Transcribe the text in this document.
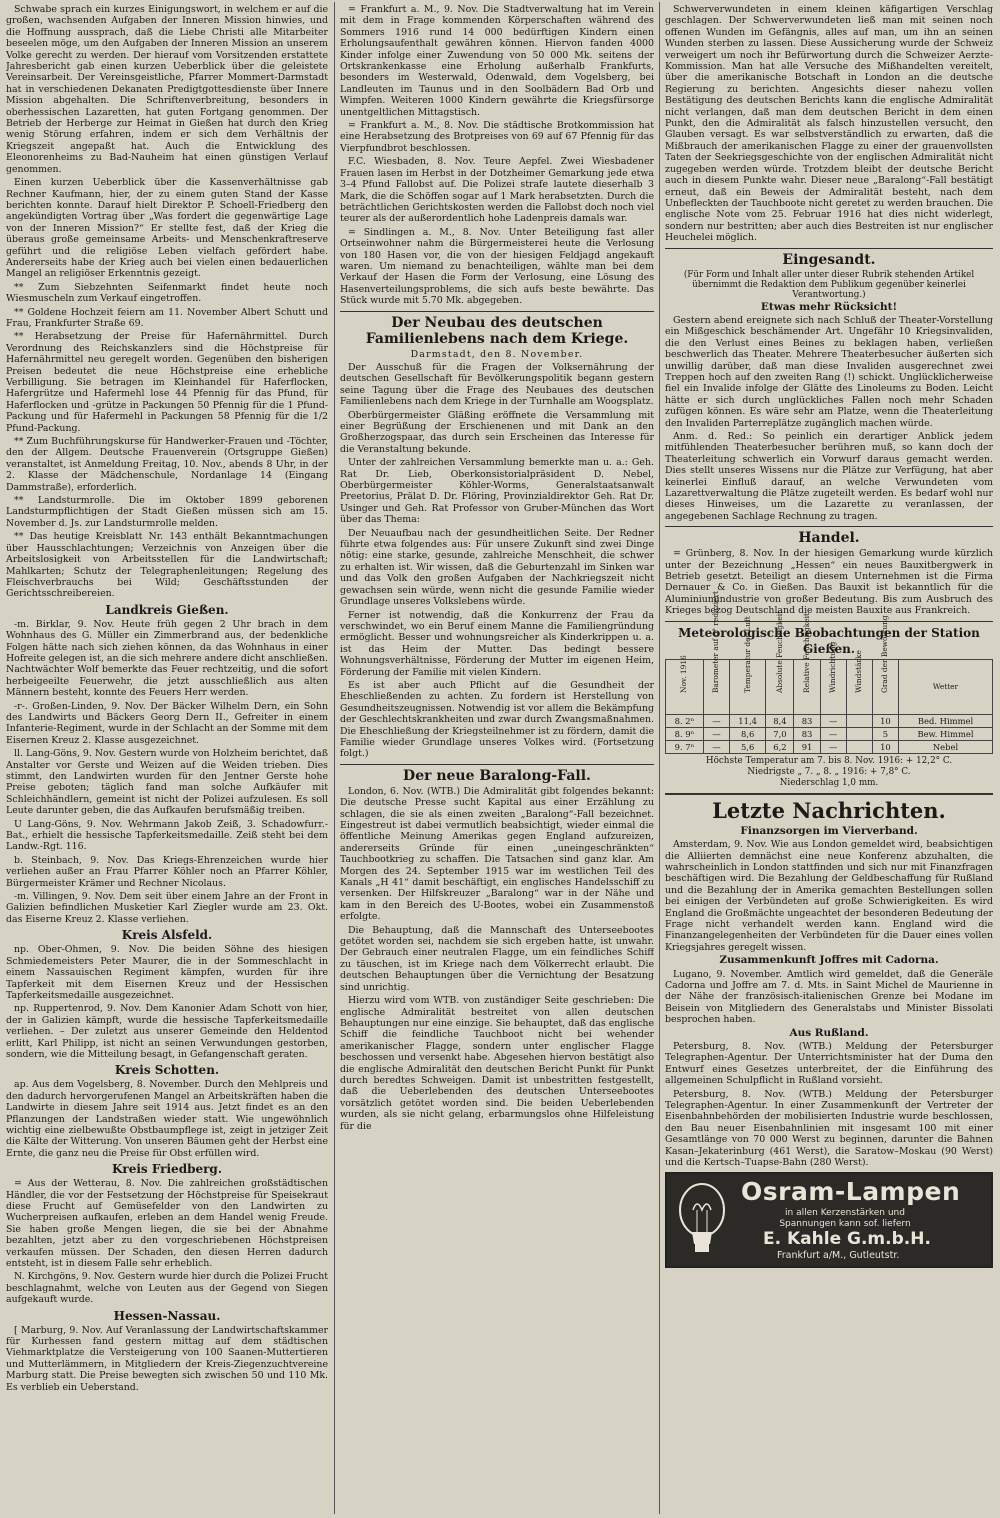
Schwabe sprach ein kurzes Einigungswort, in welchem er auf die großen, wachsenden Aufgaben der Inneren Mission hinwies, und die Hoffnung aussprach, daß die Liebe Christi alle Mitarbeiter beseelen möge, um den Aufgaben der Inneren Mission an unserem Volke gerecht zu werden. Der hierauf vom Vorsitzenden erstattete Jahresbericht gab einen kurzen Ueberblick über die geleistete Vereinsarbeit. Der Vereinsgeistliche, Pfarrer Mommert-Darmstadt hat in verschiedenen Dekanaten Predigtgottesdienste über Innere Mission abgehalten. Die Schriftenverbreitung, besonders in oberhessischen Lazaretten, hat guten Fortgang genommen. Der Betrieb der Herberge zur Heimat in Gießen hat durch den Krieg wenig Störung erfahren, indem er sich dem Verhältnis der Kriegszeit angepaßt hat. Auch die Entwicklung des Eleonorenheims zu Bad-Nauheim hat einen günstigen Verlauf genommen.

Einen kurzen Ueberblick über die Kassenverhältnisse gab Rechner Kaufmann, hier, der zu einem guten Stand der Kasse berichten konnte. Darauf hielt Direktor P. Schoell-Friedberg den angekündigten Vortrag über „Was fordert die gegenwärtige Lage von der Inneren Mission?“ Er stellte fest, daß der Krieg die überaus große gemeinsame Arbeits- und Menschenkraftreserve geführt und die religiöse Leben vielfach gefördert habe. Andererseits habe der Krieg auch bei vielen einen bedauerlichen Mangel an religiöser Erkenntnis gezeigt.

** Zum Siebzehnten Seifenmarkt findet heute noch Wiesmuscheln zum Verkauf eingetroffen.

** Goldene Hochzeit feiern am 11. November Albert Schutt und Frau, Frankfurter Straße 69.

** Herabsetzung der Preise für Hafernährmittel. Durch Verordnung des Reichskanzlers sind die Höchstpreise für Hafernährmittel neu geregelt worden. Gegenüben den bisherigen Preisen bedeutet die neue Höchstpreise eine erhebliche Verbilligung. Sie betragen im Kleinhandel für Haferflocken, Hafergrütze und Hafermehl lose 44 Pfennig für das Pfund, für Haferflocken und -grütze in Packungen 50 Pfennig für die 1 Pfund-Packung und für Hafermehl in Packungen 58 Pfennig für die 1/2 Pfund-Packung.

** Zum Buchführungskurse für Handwerker-Frauen und -Töchter, den der Allgem. Deutsche Frauenverein (Ortsgruppe Gießen) veranstaltet, ist Anmeldung Freitag, 10. Nov., abends 8 Uhr, in der 2. Klasse der Mädchenschule, Nordanlage 14 (Eingang Dammstraße), erforderlich.

** Landsturmrolle. Die im Oktober 1899 geborenen Landsturmpflichtigen der Stadt Gießen müssen sich am 15. November d. Js. zur Landsturmrolle melden.

** Das heutige Kreisblatt Nr. 143 enthält Bekanntmachungen über Hausschlachtungen; Verzeichnis von Anzeigen über die Arbeitslosigkeit von Arbeitsstellen für die Landwirtschaft; Mahlkarten; Schutz der Telegraphenleitungen; Regelung des Fleischverbrauchs bei Wild; Geschäftsstunden der Gerichtsschreibereien.

Landkreis Gießen.

-m. Birklar, 9. Nov. Heute früh gegen 2 Uhr brach in dem Wohnhaus des G. Müller ein Zimmerbrand aus, der bedenkliche Folgen hätte nach sich ziehen können, da das Wohnhaus in einer Hofreite gelegen ist, an die sich mehrere andere dicht anschließen. Nachtwächter Wolf bemerkte das Feuer rechtzeitig, und die sofort herbeigeeilte Feuerwehr, die jetzt ausschließlich aus alten Männern besteht, konnte des Feuers Herr werden.

-r-. Großen-Linden, 9. Nov. Der Bäcker Wilhelm Dern, ein Sohn des Landwirts und Bäckers Georg Dern II., Gefreiter in einem Infanterie-Regiment, wurde in der Schlacht an der Somme mit dem Eisernen Kreuz 2. Klasse ausgezeichnet.

ll. Lang-Göns, 9. Nov. Gestern wurde von Holzheim berichtet, daß Anstalter vor Gerste und Weizen auf die Weiden trieben. Dies stimmt, den Landwirten wurden für den Jentner Gerste hohe Preise geboten; täglich fand man solche Aufkäufer mit Schleichhändlern, gemeint ist nicht der Polizei aufzulesen. Es soll Leute darunter geben, die das Aufkaufen berufsmäßig treiben.

U Lang-Göns, 9. Nov. Wehrmann Jakob Zeiß, 3. Schadowfurr.-Bat., erhielt die hessische Tapferkeitsmedaille. Zeiß steht bei dem Landw.-Rgt. 116.

b. Steinbach, 9. Nov. Das Kriegs-Ehrenzeichen wurde hier verliehen außer an Frau Pfarrer Köhler noch an Pfarrer Köhler, Bürgermeister Krämer und Rechner Nicolaus.

-m. Villingen, 9. Nov. Dem seit über einem Jahre an der Front in Galizien befindlichen Musketier Karl Ziegler wurde am 23. Okt. das Eiserne Kreuz 2. Klasse verliehen.

Kreis Alsfeld.

np. Ober-Ohmen, 9. Nov. Die beiden Söhne des hiesigen Schmiedemeisters Peter Maurer, die in der Sommeschlacht in einem Nassauischen Regiment kämpfen, wurden für ihre Tapferkeit mit dem Eisernen Kreuz und der Hessischen Tapferkeitsmedaille ausgezeichnet.

np. Ruppertenrod, 9. Nov. Dem Kanonier Adam Schott von hier, der in Galizien kämpft, wurde die hessische Tapferkeitsmedaille verliehen. – Der zuletzt aus unserer Gemeinde den Heldentod erlitt, Karl Philipp, ist nicht an seinen Verwundungen gestorben, sondern, wie die Mitteilung besagt, in Gefangenschaft geraten.

Kreis Schotten.

ap. Aus dem Vogelsberg, 8. November. Durch den Mehlpreis und den dadurch hervorgerufenen Mangel an Arbeitskräften haben die Landwirte in diesem Jahre seit 1914 aus. Jetzt findet es an den Pflanzungen der Landstraßen wieder statt. Wie ungewöhnlich wichtig eine zielbewußte Obstbaumpflege ist, zeigt in jetziger Zeit die Kälte der Witterung. Von unseren Bäumen geht der Herbst eine Ernte, die ganz neu die Preise für Obst erfüllen wird.

Kreis Friedberg.

= Aus der Wetterau, 8. Nov. Die zahlreichen großstädtischen Händler, die vor der Festsetzung der Höchstpreise für Speisekraut diese Frucht auf Gemüsefelder von den Landwirten zu Wucherpreisen aufkaufen, erleben an dem Handel wenig Freude. Sie haben große Mengen liegen, die sie bei der Abnahme bezahlten, jetzt aber zu den vorgeschriebenen Höchstpreisen verkaufen müssen. Der Schaden, den diesen Herren dadurch entsteht, ist in diesem Falle sehr erheblich.

N. Kirchgöns, 9. Nov. Gestern wurde hier durch die Polizei Frucht beschlagnahmt, welche von Leuten aus der Gegend von Siegen aufgekauft wurde.

Hessen-Nassau.

[ Marburg, 9. Nov. Auf Veranlassung der Landwirtschaftskammer für Kurhessen fand gestern mittag auf dem städtischen Viehmarktplatze die Versteigerung von 100 Saanen-Muttertieren und Mutterlämmern, in Mitgliedern der Kreis-Ziegenzuchtvereine Marburg statt. Die Preise bewegten sich zwischen 50 und 110 Mk. Es verblieb ein Ueberstand.

= Frankfurt a. M., 9. Nov. Die Stadtverwaltung hat im Verein mit dem in Frage kommenden Körperschaften während des Sommers 1916 rund 14 000 bedürftigen Kindern einen Erholungsaufenthalt gewähren können. Hiervon fanden 4000 Kinder infolge einer Zuwendung von 50 000 Mk. seitens der Ortskrankenkasse eine Erholung außerhalb Frankfurts, besonders im Westerwald, Odenwald, dem Vogelsberg, bei Landleuten im Taunus und in den Soolbädern Bad Orb und Wimpfen. Weiteren 1000 Kindern gewährte die Kriegsfürsorge unentgeltlichen Mittagstisch.

= Frankfurt a. M., 8. Nov. Die städtische Brotkommission hat eine Herabsetzung des Brotpreises von 69 auf 67 Pfennig für das Vierpfundbrot beschlossen.

F.C. Wiesbaden, 8. Nov. Teure Aepfel. Zwei Wiesbadener Frauen lasen im Herbst in der Dotzheimer Gemarkung jede etwa 3–4 Pfund Fallobst auf. Die Polizei strafe lautete dieserhalb 3 Mark, die die Schöffen sogar auf 1 Mark herabsetzten. Durch die beträchtlichen Gerichtskosten werden die Fallobst doch noch viel teurer als der außerordentlich hohe Ladenpreis damals war.

= Sindlingen a. M., 8. Nov. Unter Beteiligung fast aller Ortseinwohner nahm die Bürgermeisterei heute die Verlosung von 180 Hasen vor, die von der hiesigen Feldjagd angekauft waren. Um niemand zu benachteiligen, wählte man bei dem Verkauf der Hasen die Form der Verlosung, eine Lösung des Hasenverteilungsproblems, die sich aufs beste bewährte. Das Stück wurde mit 5.70 Mk. abgegeben.

Der Neubau des deutschen Familienlebens nach dem Kriege.
Darmstadt, den 8. November.

Der Ausschuß für die Fragen der Volksernährung der deutschen Gesellschaft für Bevölkerungspolitik begann gestern seine Tagung über die Frage des Neubaues des deutschen Familienlebens nach dem Kriege in der Turnhalle am Woogsplatz.

Oberbürgermeister Gläßing eröffnete die Versammlung mit einer Begrüßung der Erschienenen und mit Dank an den Großherzogspaar, das durch sein Erscheinen das Interesse für die Veranstaltung bekunde.

Unter der zahlreichen Versammlung bemerkte man u. a.: Geh. Rat Dr. Lieb, Oberkonsistorialpräsident D. Nebel, Oberbürgermeister Köhler-Worms, Generalstaatsanwalt Preetorius, Prälat D. Dr. Flöring, Provinzialdirektor Geh. Rat Dr. Usinger und Geh. Rat Professor von Gruber-München das Wort über das Thema:

Der Neuaufbau nach der gesundheitlichen Seite. Der Redner führte etwa folgendes aus: Für unsere Zukunft sind zwei Dinge nötig: eine starke, gesunde, zahlreiche Menschheit, die schwer zu erhalten ist. Wir wissen, daß die Geburtenzahl im Sinken war und das Volk den großen Aufgaben der Nachkriegszeit nicht gewachsen sein würde, wenn nicht die gesunde Familie wieder Grundlage unseres Volkslebens würde.

Ferner ist notwendig, daß die Konkurrenz der Frau da verschwindet, wo ein Beruf einem Manne die Familiengründung ermöglicht. Besser und wohnungsreicher als Kinderkrippen u. a. ist das Heim der Mutter. Das bedingt bessere Wohnungsverhältnisse, Förderung der Mutter im eigenen Heim, Förderung der Familie mit vielen Kindern.

Es ist aber auch Pflicht auf die Gesundheit der Eheschließenden zu achten. Zu fordern ist Herstellung von Gesundheitszeugnissen. Notwendig ist vor allem die Bekämpfung der Geschlechtskrankheiten und zwar durch Zwangsmaßnahmen. Die Eheschließung der Kriegsteilnehmer ist zu fördern, damit die Familie wieder Grundlage unseres Volkes wird. (Fortsetzung folgt.)

Der neue Baralong-Fall.

London, 6. Nov. (WTB.) Die Admiralität gibt folgendes bekannt: Die deutsche Presse sucht Kapital aus einer Erzählung zu schlagen, die sie als einen zweiten „Baralong“-Fall bezeichnet. Eingestreut ist dabei vermutlich beabsichtigt, wieder einmal die öffentliche Meinung Amerikas gegen England aufzureizen, andererseits Gründe für einen „uneingeschränkten“ Tauchbootkrieg zu schaffen. Die Tatsachen sind ganz klar. Am Morgen des 24. September 1915 war im westlichen Teil des Kanals „H 41“ damit beschäftigt, ein englisches Handelsschiff zu versenken. Der Hilfskreuzer „Baralong“ war in der Nähe und kam in den Bereich des U-Bootes, wobei ein Zusammenstoß erfolgte.

Die Behauptung, daß die Mannschaft des Unterseebootes getötet worden sei, nachdem sie sich ergeben hatte, ist unwahr. Der Gebrauch einer neutralen Flagge, um ein feindliches Schiff zu täuschen, ist im Kriege nach dem Völkerrecht erlaubt. Die deutschen Behauptungen über die Vernichtung der Besatzung sind unrichtig.

Hierzu wird vom WTB. von zuständiger Seite geschrieben: Die englische Admiralität bestreitet von allen deutschen Behauptungen nur eine einzige. Sie behauptet, daß das englische Schiff die feindliche Tauchboot nicht bei wehender amerikanischer Flagge, sondern unter englischer Flagge beschossen und versenkt habe. Abgesehen hiervon bestätigt also die englische Admiralität den deutschen Bericht Punkt für Punkt durch beredtes Schweigen. Damit ist unbestritten festgestellt, daß die Ueberlebenden des deutschen Unterseebootes vorsätzlich getötet worden sind. Die beiden Ueberlebenden wurden, als sie nicht gelang, erbarmungslos ohne Hilfeleistung für die

Schwerverwundeten in einem kleinen käfigartigen Verschlag geschlagen. Der Schwerverwundeten ließ man mit seinen noch offenen Wunden im Gefängnis, alles auf man, um ihn an seinen Wunden sterben zu lassen. Diese Aussicherung wurde der Schweiz verweigert um noch ihr Befürwortung durch die Schweizer Aerzte-Kommission. Man hat alle Versuche des Mißhandelten vereitelt, über die amerikanische Botschaft in London an die deutsche Regierung zu berichten. Angesichts dieser nahezu vollen Bestätigung des deutschen Berichts kann die englische Admiralität nicht verlangen, daß man dem deutschen Bericht in dem einen Punkt, den die Admiralität als falsch hinzustellen versucht, den Glauben versagt. Es war selbstverständlich zu erwarten, daß die Mißbrauch der amerikanischen Flagge zu einer der grauenvollsten Taten der Seekriegsgeschichte von der englischen Admiralität nicht zugegeben werden würde. Trotzdem bleibt der deutsche Bericht auch in diesem Punkte wahr. Dieser neue „Baralong“-Fall bestätigt erneut, daß ein Beweis der Admiralität besteht, nach dem Unbefleckten der Tauchboote nicht geretet zu werden brauchen. Die englische Note vom 25. Februar 1916 hat dies nicht widerlegt, sondern nur bestritten; aber auch dies Bestreiten ist nur englischer Heuchelei möglich.

Eingesandt.
(Für Form und Inhalt aller unter dieser Rubrik stehenden Artikel übernimmt die Redaktion dem Publikum gegenüber keinerlei Verantwortung.)
Etwas mehr Rücksicht!

Gestern abend ereignete sich nach Schluß der Theater-Vorstellung ein Mißgeschick beschämender Art. Ungefähr 10 Kriegsinvaliden, die den Verlust eines Beines zu beklagen haben, verließen beschwerlich das Theater. Mehrere Theaterbesucher äußerten sich unwillig darüber, daß man diese Invaliden ausgerechnet zwei Treppen hoch auf den zweiten Rang (!) schickt. Unglücklicherweise fiel ein Invalide infolge der Glätte des Linoleums zu Boden. Leicht hätte er sich durch unglückliches Fallen noch mehr Schaden zufügen können. Es wäre sehr am Platze, wenn die Theaterleitung den Invaliden Parterreplätze zugänglich machen würde.

Anm. d. Red.: So peinlich ein derartiger Anblick jedem mitfühlenden Theaterbesucher berühren muß, so kann doch der Theaterleitung schwerlich ein Vorwurf daraus gemacht werden. Dies stellt unseres Wissens nur die Plätze zur Verfügung, hat aber keinerlei Einfluß darauf, an welche Verwundeten vom Lazarettverwaltung die Plätze zugeteilt werden. Es bedarf wohl nur dieses Hinweises, um die Lazarette zu veranlassen, der angegebenen Sachlage Rechnung zu tragen.

Handel.

= Grünberg, 8. Nov. In der hiesigen Gemarkung wurde kürzlich unter der Bezeichnung „Hessen“ ein neues Bauxitbergwerk in Betrieb gesetzt. Beteiligt an diesem Unternehmen ist die Firma Dernauer & Co. in Gießen. Das Bauxit ist bekanntlich für die Aluminiumindustrie von großer Bedeutung. Bis zum Ausbruch des Krieges bezog Deutschland die meisten Bauxite aus Frankreich.

Meteorologische Beobachtungen der Station Gießen.
Nov. 1916	Barometer auf 0° reduziert	Temperatur der Luft	Absolute Feuchtigkeit	Relative Feuchtigkeit	Windrichtung	Windstärke	Grad der Bewölkung	Wetter
8. 2ⁿ	—	11,4	8,4	83	—		10	Bed. Himmel
8. 9ⁿ	—	8,6	7,0	83	—		5	Bew. Himmel
9. 7ⁿ	—	5,6	6,2	91	—		10	Nebel
Höchste Temperatur am 7. bis 8. Nov. 1916: + 12,2° C.
Niedrigste „ 7. „ 8. „ 1916: + 7,8° C.
Niederschlag 1,0 mm.
Letzte Nachrichten.
Finanzsorgen im Vierverband.

Amsterdam, 9. Nov. Wie aus London gemeldet wird, beabsichtigen die Alliierten demnächst eine neue Konferenz abzuhalten, die wahrscheinlich in London stattfinden und sich nur mit Finanzfragen beschäftigen wird. Die Bezahlung der Geldbeschaffung für Rußland und die Bezahlung der in Amerika gemachten Bestellungen sollen bei einigen der Verbündeten auf große Schwierigkeiten. Es wird England die Großmächte ungeachtet der besonderen Bedeutung der Frage nicht verhandelt werden kann. England wird die Finanzangelegenheiten der Verbündeten für die Dauer eines vollen Kriegsjahres geregelt wissen.

Zusammenkunft Joffres mit Cadorna.

Lugano, 9. November. Amtlich wird gemeldet, daß die Generäle Cadorna und Joffre am 7. d. Mts. in Saint Michel de Maurienne in der Nähe der französisch-italienischen Grenze bei Modane im Beisein von Mitgliedern des Generalstabs und Minister Bissolati besprochen haben.

Aus Rußland.

Petersburg, 8. Nov. (WTB.) Meldung der Petersburger Telegraphen-Agentur. Der Unterrichtsminister hat der Duma den Entwurf eines Gesetzes unterbreitet, der die Einführung des allgemeinen Schulpflicht in Rußland vorsieht.

Petersburg, 8. Nov. (WTB.) Meldung der Petersburger Telegraphen-Agentur. In einer Zusammenkunft der Vertreter der Eisenbahnbehörden der mobilisierten Industrie wurde beschlossen, den Bau neuer Eisenbahnlinien mit insgesamt 100 mit einer Gesamtlänge von 70 000 Werst zu beginnen, darunter die Bahnen Kasan–Jekaterinburg (461 Werst), die Saratow–Moskau (90 Werst) und die Kertsch–Tuapse-Bahn (280 Werst).

Osram-Lampen
in allen Kerzenstärken und
Spannungen kann sof. liefern
E. Kahle G.m.b.H.
Frankfurt a/M., Gutleutstr.
